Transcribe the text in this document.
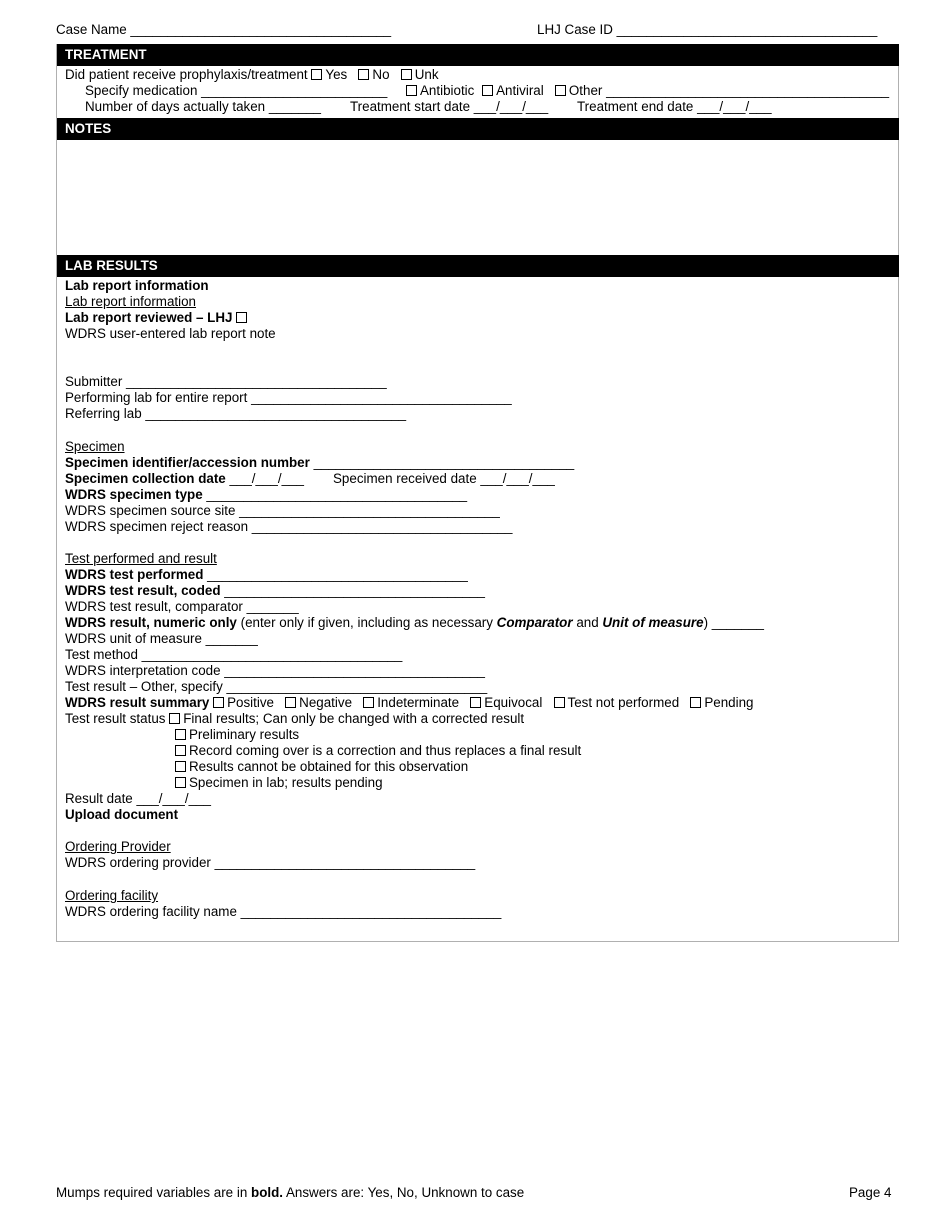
Case Name ___________________________________	LHJ Case ID ___________________________________
TREATMENT
Did patient receive prophylaxis/treatment Yes No Unk
Specify medication _________________________	Antibiotic Antiviral Other ______________________________________
Number of days actually taken _______ Treatment start date ___/___/___ Treatment end date ___/___/___
NOTES
LAB RESULTS
Lab report information
Lab report information
Lab report reviewed – LHJ
WDRS user-entered lab report note
Submitter ___________________________________
Performing lab for entire report ___________________________________
Referring lab ___________________________________
Specimen
Specimen identifier/accession number ___________________________________
Specimen collection date ___/___/___ Specimen received date ___/___/___
WDRS specimen type ___________________________________
WDRS specimen source site ___________________________________
WDRS specimen reject reason ___________________________________
Test performed and result
WDRS test performed ___________________________________
WDRS test result, coded ___________________________________
WDRS test result, comparator _______
WDRS result, numeric only (enter only if given, including as necessary Comparator and Unit of measure) _______
WDRS unit of measure _______
Test method ___________________________________
WDRS interpretation code ___________________________________
Test result – Other, specify ___________________________________
WDRS result summary Positive Negative Indeterminate Equivocal Test not performed Pending
Test result status Final results; Can only be changed with a corrected result
Preliminary results
Record coming over is a correction and thus replaces a final result
Results cannot be obtained for this observation
Specimen in lab; results pending
Result date ___/___/___
Upload document
Ordering Provider
WDRS ordering provider ___________________________________
Ordering facility
WDRS ordering facility name ___________________________________
Mumps required variables are in bold. Answers are: Yes, No, Unknown to case	Page 4
